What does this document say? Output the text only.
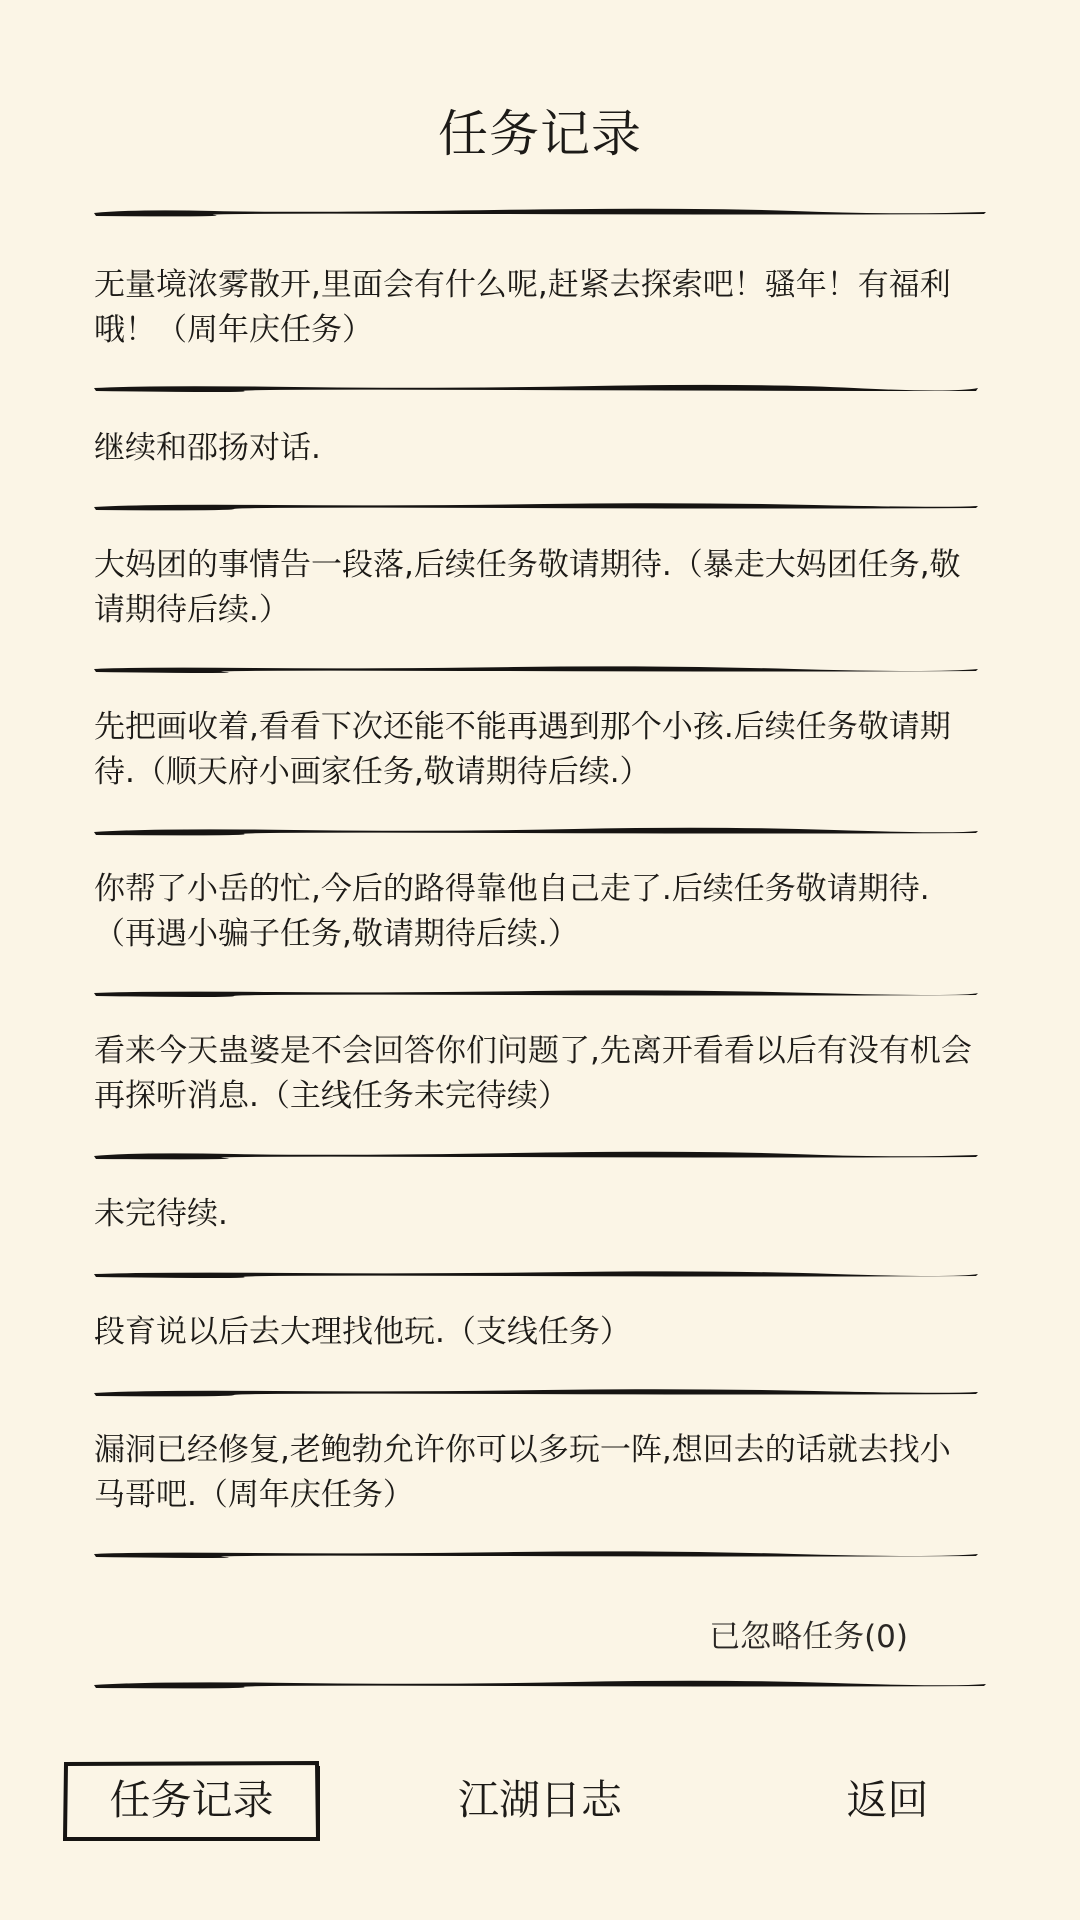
任务记录
无量境浓雾散开,里面会有什么呢,赶紧去探索吧！骚年！有福利哦！（周年庆任务）
继续和邵扬对话.
大妈团的事情告一段落,后续任务敬请期待.（暴走大妈团任务,敬请期待后续.）
先把画收着,看看下次还能不能再遇到那个小孩.后续任务敬请期待.（顺天府小画家任务,敬请期待后续.）
你帮了小岳的忙,今后的路得靠他自己走了.后续任务敬请期待.（再遇小骗子任务,敬请期待后续.）
看来今天蛊婆是不会回答你们问题了,先离开看看以后有没有机会再探听消息.（主线任务未完待续）
未完待续.
段育说以后去大理找他玩.（支线任务）
漏洞已经修复,老鲍勃允许你可以多玩一阵,想回去的话就去找小马哥吧.（周年庆任务）
已忽略任务(0)
任务记录	江湖日志	返回
